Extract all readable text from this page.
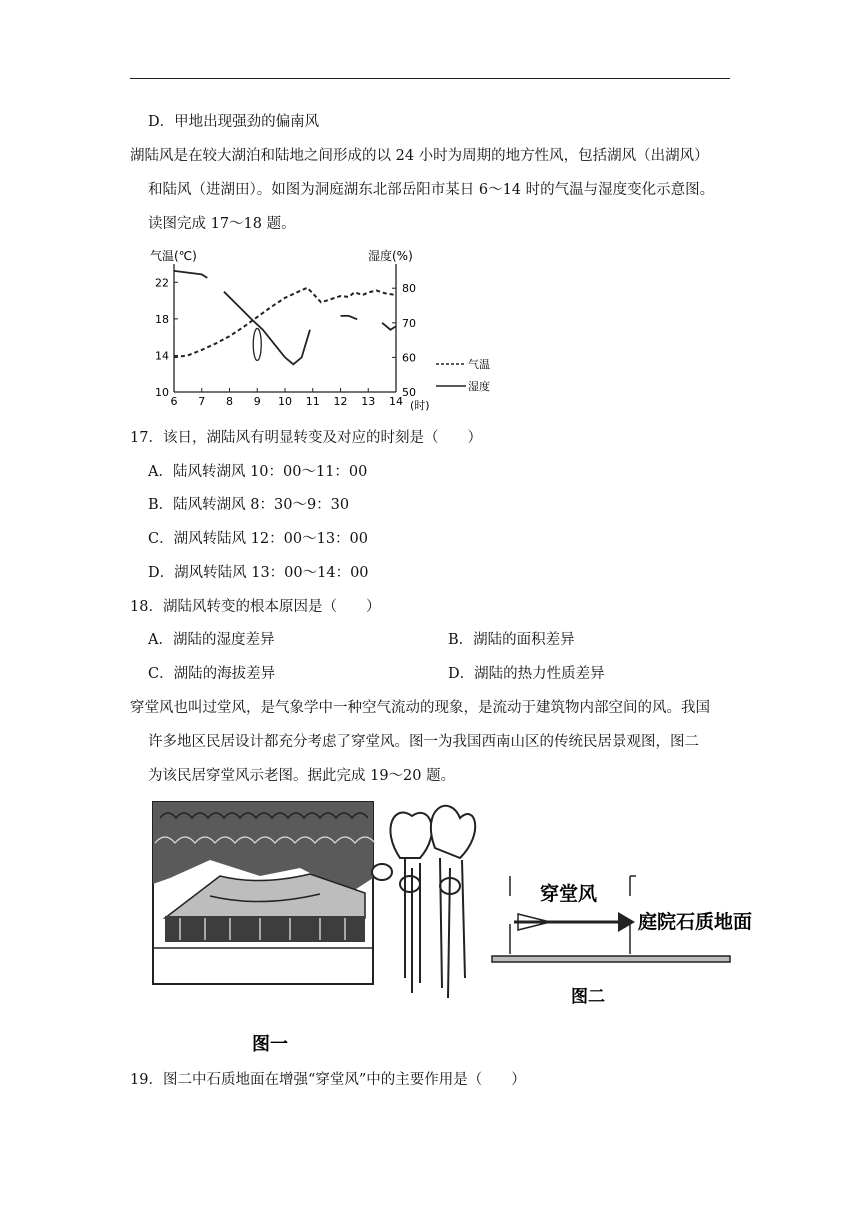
D．甲地出现强劲的偏南风
湖陆风是在较大湖泊和陆地之间形成的以 24 小时为周期的地方性风，包括湖风（出湖风）
和陆风（进湖田）。如图为洞庭湖东北部岳阳市某日 6～14 时的气温与湿度变化示意图。
读图完成 17～18 题。
气温(℃)	湿度(%)
6 7 8 9 10 11 12 13 14
10
14
18
22
50
60
70
80
气温
湿度
(时)
17．该日，湖陆风有明显转变及对应的时刻是（　　）
A．陆风转湖风 10：00～11：00
B．陆风转湖风 8：30～9：30
C．湖风转陆风 12：00～13：00
D．湖风转陆风 13：00～14：00
18．湖陆风转变的根本原因是（　　）
A．湖陆的湿度差异	B．湖陆的面积差异
C．湖陆的海拔差异	D．湖陆的热力性质差异
穿堂风也叫过堂风，是气象学中一种空气流动的现象，是流动于建筑物内部空间的风。我国
许多地区民居设计都充分考虑了穿堂风。图一为我国西南山区的传统民居景观图，图二
为该民居穿堂风示老图。据此完成 19～20 题。
图一
穿堂风
庭院石质地面
图二
19．图二中石质地面在增强“穿堂风”中的主要作用是（　　）
